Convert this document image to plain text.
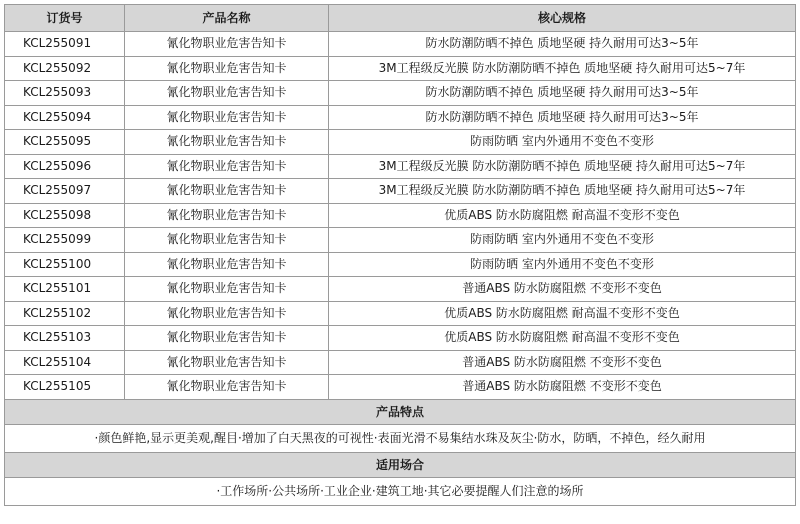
订货号	产品名称	核心规格
KCL255091	氰化物职业危害告知卡	防水防潮防晒不掉色 质地坚硬 持久耐用可达3~5年
KCL255092	氰化物职业危害告知卡	3M工程级反光膜 防水防潮防晒不掉色 质地坚硬 持久耐用可达5~7年
KCL255093	氰化物职业危害告知卡	防水防潮防晒不掉色 质地坚硬 持久耐用可达3~5年
KCL255094	氰化物职业危害告知卡	防水防潮防晒不掉色 质地坚硬 持久耐用可达3~5年
KCL255095	氰化物职业危害告知卡	防雨防晒 室内外通用不变色不变形
KCL255096	氰化物职业危害告知卡	3M工程级反光膜 防水防潮防晒不掉色 质地坚硬 持久耐用可达5~7年
KCL255097	氰化物职业危害告知卡	3M工程级反光膜 防水防潮防晒不掉色 质地坚硬 持久耐用可达5~7年
KCL255098	氰化物职业危害告知卡	优质ABS 防水防腐阻燃 耐高温不变形不变色
KCL255099	氰化物职业危害告知卡	防雨防晒 室内外通用不变色不变形
KCL255100	氰化物职业危害告知卡	防雨防晒 室内外通用不变色不变形
KCL255101	氰化物职业危害告知卡	普通ABS 防水防腐阻燃 不变形不变色
KCL255102	氰化物职业危害告知卡	优质ABS 防水防腐阻燃 耐高温不变形不变色
KCL255103	氰化物职业危害告知卡	优质ABS 防水防腐阻燃 耐高温不变形不变色
KCL255104	氰化物职业危害告知卡	普通ABS 防水防腐阻燃 不变形不变色
KCL255105	氰化物职业危害告知卡	普通ABS 防水防腐阻燃 不变形不变色
产品特点		
·颜色鲜艳,显示更美观,醒目·增加了白天黑夜的可视性·表面光滑不易集结水珠及灰尘·防水，防晒，不掉色，经久耐用		
适用场合		
·工作场所·公共场所·工业企业·建筑工地·其它必要提醒人们注意的场所		
